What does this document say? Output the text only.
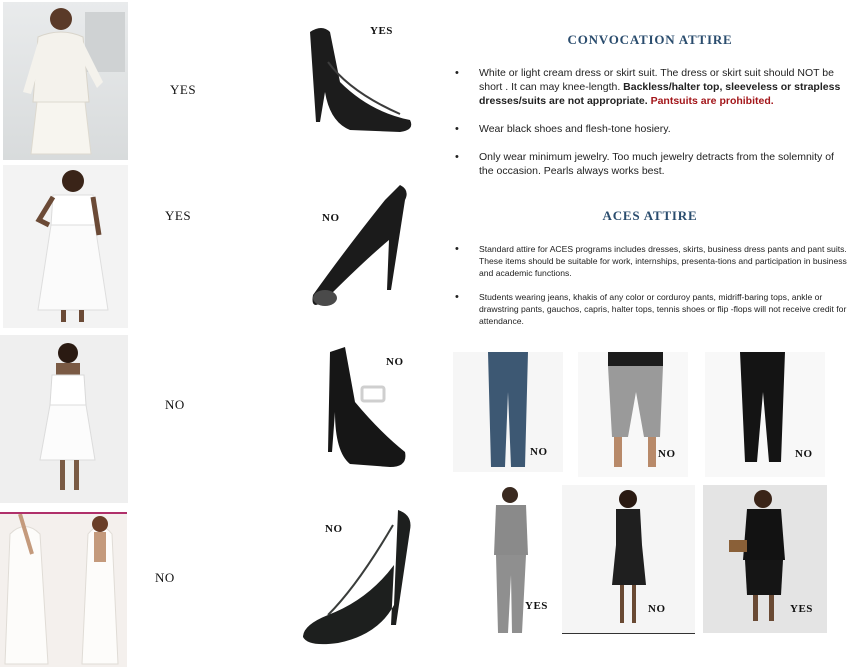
YES
YES
NO
NO
YES
NO
NO
NO
CONVOCATION ATTIRE
• White or light cream dress or skirt suit. The dress or skirt suit should NOT be short . It can may knee-length. Backless/halter top, sleeveless or strapless dresses/suits are not appropriate. Pantsuits are prohibited.
• Wear black shoes and flesh-tone hosiery.
• Only wear minimum jewelry. Too much jewelry detracts from the solemnity of the occasion. Pearls always works best.
ACES ATTIRE
• Standard attire for ACES programs includes dresses, skirts, business dress pants and pant suits. These items should be suitable for work, internships, presenta-tions and participation in business and academic functions.
• Students wearing jeans, khakis of any color or corduroy pants, midriff-baring tops, ankle or drawstring pants, gauchos, capris, halter tops, tennis shoes or flip -flops will not receive credit for attendance.
NO	NO	NO
YES	NO	YES
